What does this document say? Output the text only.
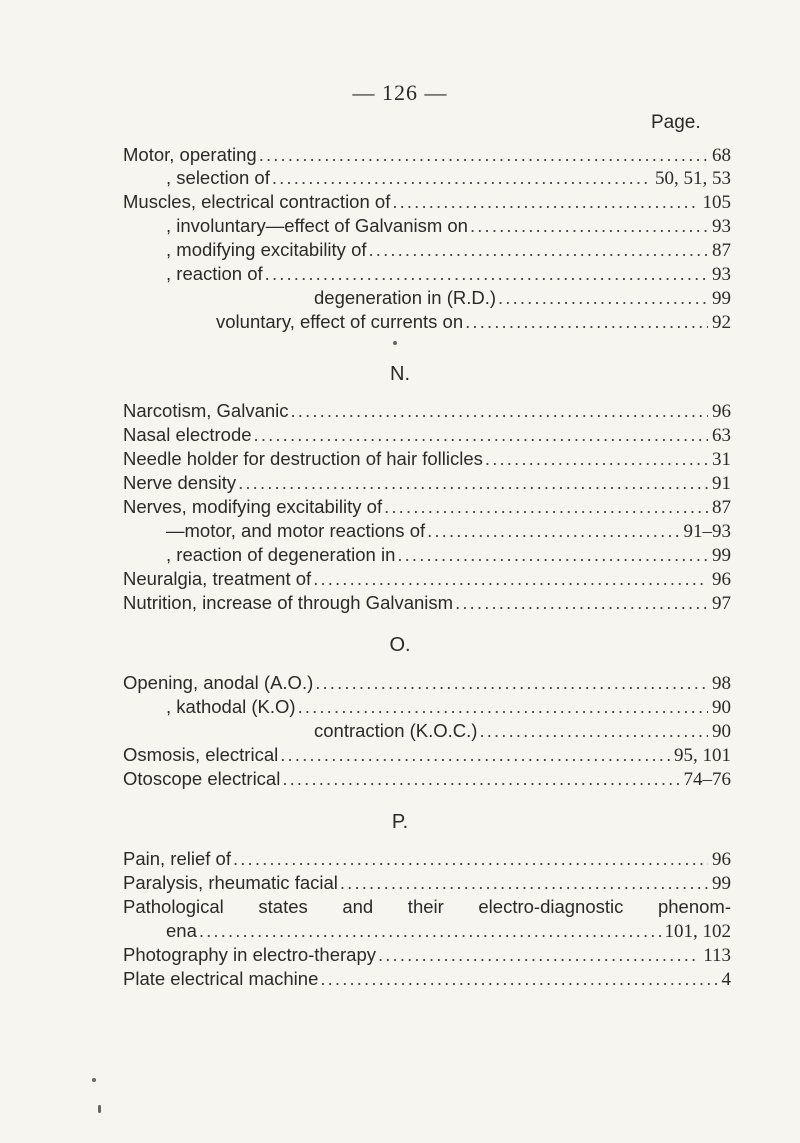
— 126 —
Page.
Motor, operating . . .	68
, selection of . . .	50, 51, 53
Muscles, electrical contraction of . . .	105
, involuntary—effect of Galvanism on . . .	93
, modifying excitability of . . .	87
, reaction of . . .	93
degeneration in (R.D.) . . .	99
voluntary, effect of currents on . . .	92
N.
Narcotism, Galvanic . . .	96
Nasal electrode . . .	63
Needle holder for destruction of hair follicles . . .	31
Nerve density . . .	91
Nerves, modifying excitability of . . .	87
—motor, and motor reactions of . . .	91–93
, reaction of degeneration in . . .	99
Neuralgia, treatment of . . .	96
Nutrition, increase of through Galvanism . . .	97
O.
Opening, anodal (A.O.) . . .	98
, kathodal (K.O) . . .	90
contraction (K.O.C.) . . .	90
Osmosis, electrical . . .	95, 101
Otoscope electrical . . .	74–76
P.
Pain, relief of . . .	96
Paralysis, rheumatic facial . . .	99
Pathological states and their electro-diagnostic phenom-
ena . . .	101, 102
Photography in electro-therapy . . .	113
Plate electrical machine . . .	4
